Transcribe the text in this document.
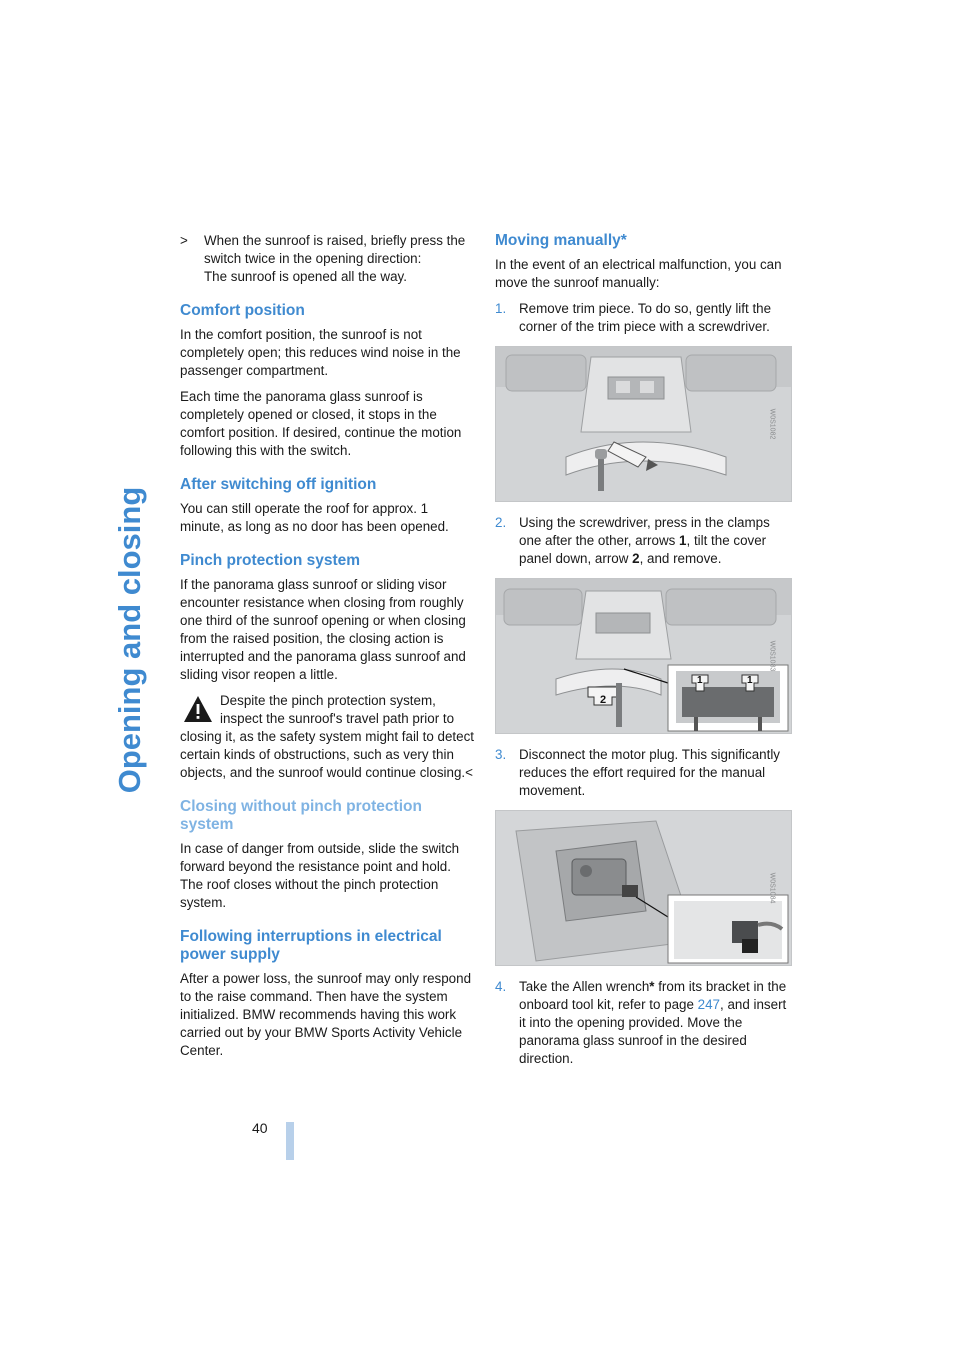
Opening and closing
40
> When the sunroof is raised, briefly press the switch twice in the opening direction:
The sunroof is opened all the way.
Comfort position

In the comfort position, the sunroof is not completely open; this reduces wind noise in the passenger compartment.

Each time the panorama glass sunroof is completely opened or closed, it stops in the comfort position. If desired, continue the motion following this with the switch.

After switching off ignition

You can still operate the roof for approx. 1 minute, as long as no door has been opened.

Pinch protection system

If the panorama glass sunroof or sliding visor encounter resistance when closing from roughly one third of the sunroof opening or when closing from the raised position, the closing action is interrupted and the panorama glass sunroof and sliding visor reopen a little.

Despite the pinch protection system, inspect the sunroof's travel path prior to closing it, as the safety system might fail to detect certain kinds of obstructions, such as very thin objects, and the sunroof would continue closing.<
Closing without pinch protection system

In case of danger from outside, slide the switch forward beyond the resistance point and hold. The roof closes without the pinch protection system.

Following interruptions in electrical power supply

After a power loss, the sunroof may only respond to the raise command. Then have the system initialized. BMW recommends having this work carried out by your BMW Sports Activity Vehicle Center.

Moving manually*

In the event of an electrical malfunction, you can move the sunroof manually:

1. Remove trim piece. To do so, gently lift the corner of the trim piece with a screwdriver.
W0S1082
2. Using the screwdriver, press in the clamps one after the other, arrows 1, tilt the cover panel down, arrow 2, and remove.
2
1	1
W0S1083
3. Disconnect the motor plug. This significantly reduces the effort required for the manual movement.
W0S1084
4. Take the Allen wrench* from its bracket in the onboard tool kit, refer to page 247, and insert it into the opening provided. Move the panorama glass sunroof in the desired direction.
